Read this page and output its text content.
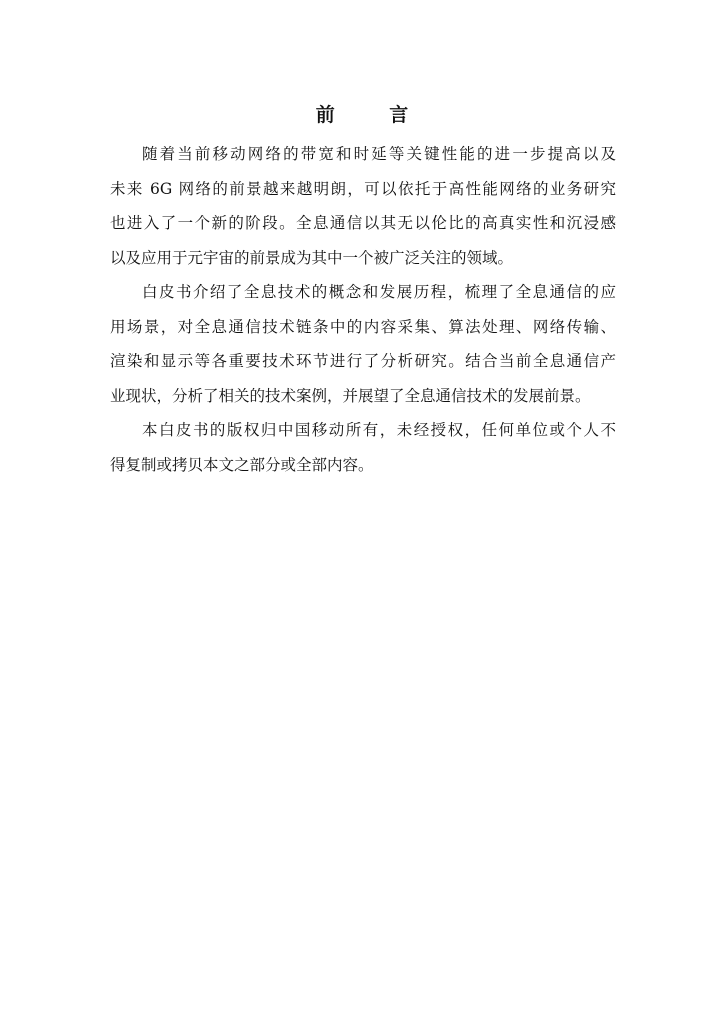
前 言

随着当前移动网络的带宽和时延等关键性能的进一步提高以及
未来 6G 网络的前景越来越明朗，可以依托于高性能网络的业务研究
也进入了一个新的阶段。全息通信以其无以伦比的高真实性和沉浸感
以及应用于元宇宙的前景成为其中一个被广泛关注的领域。

白皮书介绍了全息技术的概念和发展历程，梳理了全息通信的应
用场景，对全息通信技术链条中的内容采集、算法处理、网络传输、
渲染和显示等各重要技术环节进行了分析研究。结合当前全息通信产
业现状，分析了相关的技术案例，并展望了全息通信技术的发展前景。

本白皮书的版权归中国移动所有，未经授权，任何单位或个人不
得复制或拷贝本文之部分或全部内容。
